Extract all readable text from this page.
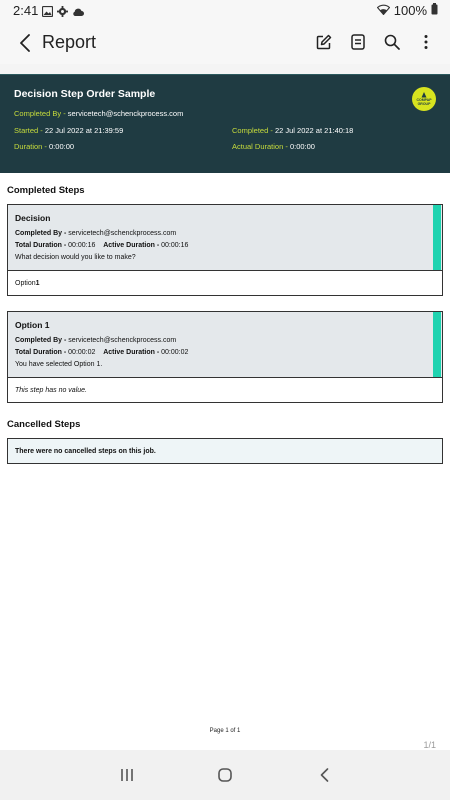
2:41	100%
Report
Decision Step Order Sample
Completed By - servicetech@schenckprocess.com
Started - 22 Jul 2022 at 21:39:59	Completed - 22 Jul 2022 at 21:40:18
Duration - 0:00:00	Actual Duration - 0:00:00
COMPAP
GROUP
Completed Steps
Decision
Completed By - servicetech@schenckprocess.com
Total Duration - 00:00:16 Active Duration - 00:00:16
What decision would you like to make?
Option 1
Option 1
Completed By - servicetech@schenckprocess.com
Total Duration - 00:00:02 Active Duration - 00:00:02
You have selected Option 1.
This step has no value.
Cancelled Steps
There were no cancelled steps on this job.
Page 1 of 1
1/1
